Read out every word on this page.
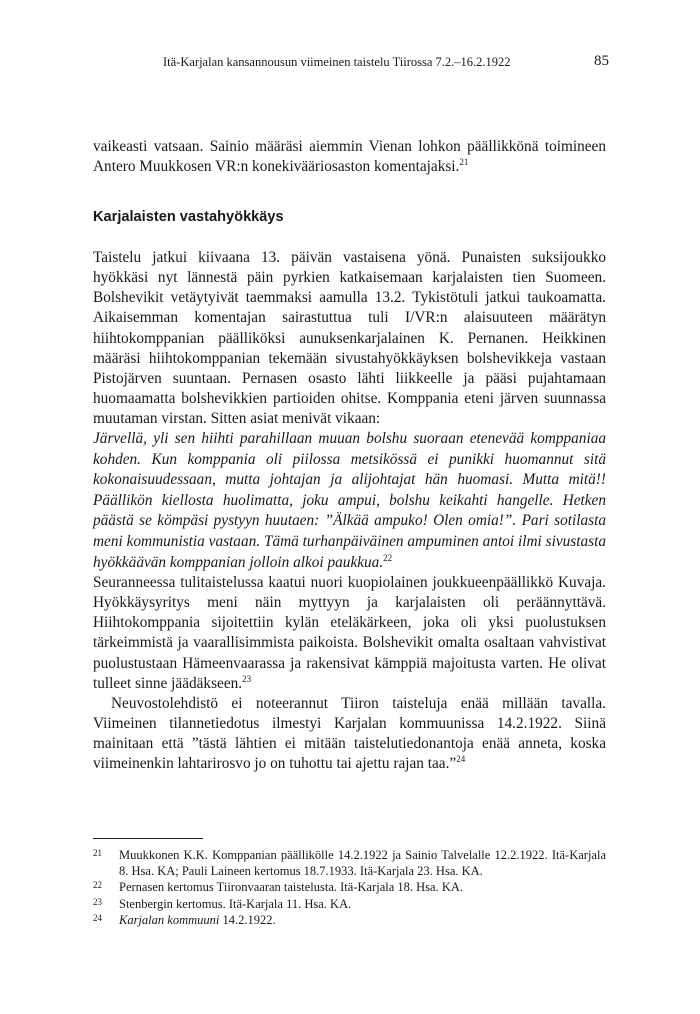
Itä-Karjalan kansannousun viimeinen taistelu Tiirossa 7.2.–16.2.1922	85

vaikeasti vatsaan. Sainio määräsi aiemmin Vienan lohkon päällikkönä toimineen Antero Muukkosen VR:n konekivääriosaston komentajaksi.$^{21}$

Karjalaisten vastahyökkäys

Taistelu jatkui kiivaana 13. päivän vastaisena yönä. Punaisten suksijoukko hyökkäsi nyt lännestä päin pyrkien katkaisemaan karjalaisten tien Suomeen. Bolshevikit vetäytyivät taemmaksi aamulla 13.2. Tykistötuli jatkui taukoamatta. Aikaisemman komentajan sairastuttua tuli I/VR:n alaisuuteen määrätyn hiihtokomppanian päälliköksi aunuksenkarjalainen K. Pernanen. Heikkinen määräsi hiihtokomppanian tekemään sivustahyökkäyksen bolshevikkeja vastaan Pistojärven suuntaan. Pernasen osasto lähti liikkeelle ja pääsi pujahtamaan huomaamatta bolshevikkien partioiden ohitse. Komppania eteni järven suunnassa muutaman virstan. Sitten asiat menivät vikaan:

Järvellä, yli sen hiihti parahillaan muuan bolshu suoraan etenevää komppaniaa kohden. Kun komppania oli piilossa metsikössä ei punikki huomannut sitä kokonaisuudessaan, mutta johtajan ja alijohtajat hän huomasi. Mutta mitä!! Päällikön kiellosta huolimatta, joku ampui, bolshu keikahti hangelle. Hetken päästä se kömpäsi pystyyn huutaen: ”Älkää ampuko! Olen omia!”. Pari sotilasta meni kommunistia vastaan. Tämä turhanpäiväinen ampuminen antoi ilmi sivustasta hyökkäävän komppanian jolloin alkoi paukkua.$^{22}$

Seuranneessa tulitaistelussa kaatui nuori kuopiolainen joukkueenpäällikkö Kuvaja. Hyökkäysyritys meni näin myttyyn ja karjalaisten oli peräännyttävä. Hiihtokomppania sijoitettiin kylän eteläkärkeen, joka oli yksi puolustuksen tärkeimmistä ja vaarallisimmista paikoista. Bolshevikit omalta osaltaan vahvistivat puolustustaan Hämeenvaarassa ja rakensivat kämppiä majoitusta varten. He olivat tulleet sinne jäädäkseen.$^{23}$

Neuvostolehdistö ei noteerannut Tiiron taisteluja enää millään tavalla. Viimeinen tilannetiedotus ilmestyi Karjalan kommuunissa 14.2.1922. Siinä mainitaan että ”tästä lähtien ei mitään taistelutiedonantoja enää anneta, koska viimeinenkin lahtarirosvo jo on tuhottu tai ajettu rajan taa.”$^{24}$

21 Muukkonen K.K. Komppanian päällikölle 14.2.1922 ja Sainio Talvelalle 12.2.1922. Itä-Karjala 8. Hsa. KA; Pauli Laineen kertomus 18.7.1933. Itä-Karjala 23. Hsa. KA.
22 Pernasen kertomus Tiironvaaran taistelusta. Itä-Karjala 18. Hsa. KA.
23 Stenbergin kertomus. Itä-Karjala 11. Hsa. KA.
24 Karjalan kommuuni 14.2.1922.
